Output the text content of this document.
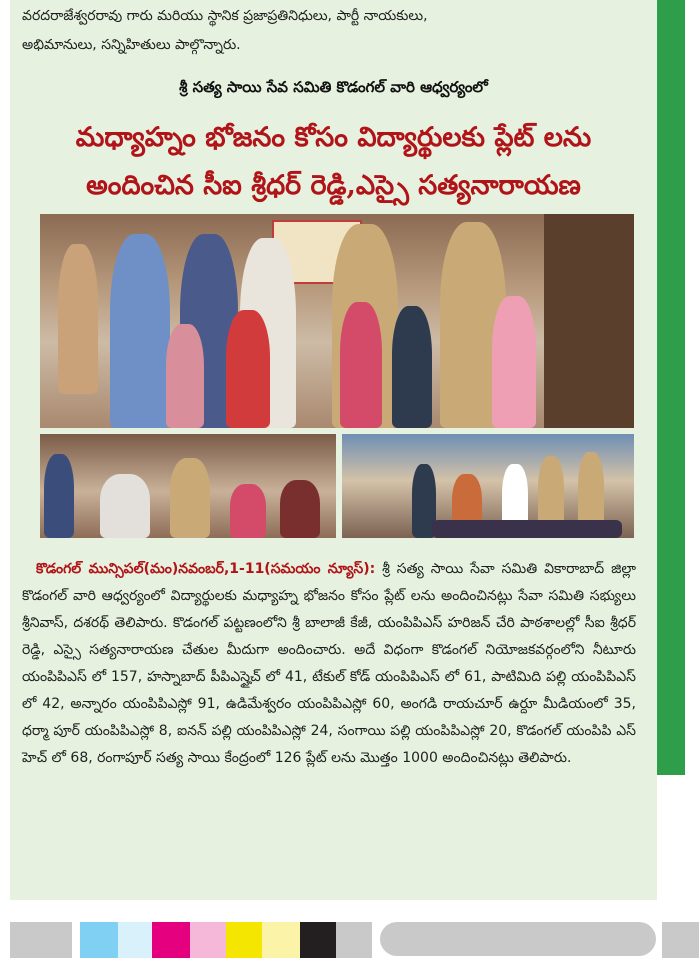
వరదరాజేశ్వరరావు గారు మరియు స్థానిక ప్రజాప్రతినిధులు, పార్టీ నాయకులు,
అభిమానులు, సన్నిహితులు పాల్గొన్నారు.
శ్రీ సత్య సాయి సేవ సమితి కొడంగల్ వారి ఆధ్వర్యంలో
మధ్యాహ్నం భోజనం కోసం విద్యార్థులకు ప్లేట్ లను
అందించిన సీఐ శ్రీధర్ రెడ్డి,ఎస్సై సత్యనారాయణ
కొడంగల్ మున్సిపల్(మం)నవంబర్,1-11(సమయం న్యూస్): శ్రీ సత్య సాయి సేవా సమితి వికారాబాద్ జిల్లా కొడంగల్ వారి ఆధ్వర్యంలో విద్యార్థులకు మధ్యాహ్న భోజనం కోసం ప్లేట్ లను అందించినట్లు సేవా సమితి సభ్యులు శ్రీనివాస్, దశరథ్ తెలిపారు. కొడంగల్ పట్టణంలోని శ్రీ బాలాజీ కేజీ, యంపిపిఎస్ హరిజన్ చేరి పాఠశాలల్లో సీఐ శ్రీధర్ రెడ్డి, ఎస్సై సత్యనారాయణ చేతుల మీదుగా అందించారు. అదే విధంగా కొడంగల్ నియోజకవర్గంలోని నీటూరు యంపిపిఎస్ లో 157, హస్నాబాద్ పీపిఎస్హైచ్ లో 41, టేకుల్ కోడ్ యంపిపిఎస్ లో 61, పాటిమిది పల్లి యంపిపిఎస్ లో 42, అన్నారం యంపిపిఎస్లో 91, ఉడిమేశ్వరం యంపిపిఎస్లో 60, అంగడి రాయచూర్ ఉర్దూ మీడియంలో 35, ధర్మా పూర్ యంపిపిఎస్లో 8, ఐనన్ పల్లి యంపిపిఎస్లో 24, సంగాయి పల్లి యంపిపిఎస్లో 20, కొడంగల్ యంపిపి ఎస్ హెచ్ లో 68, రంగాపూర్ సత్య సాయి కేంద్రంలో 126 ప్లేట్ లను మొత్తం 1000 అందించినట్లు తెలిపారు.
